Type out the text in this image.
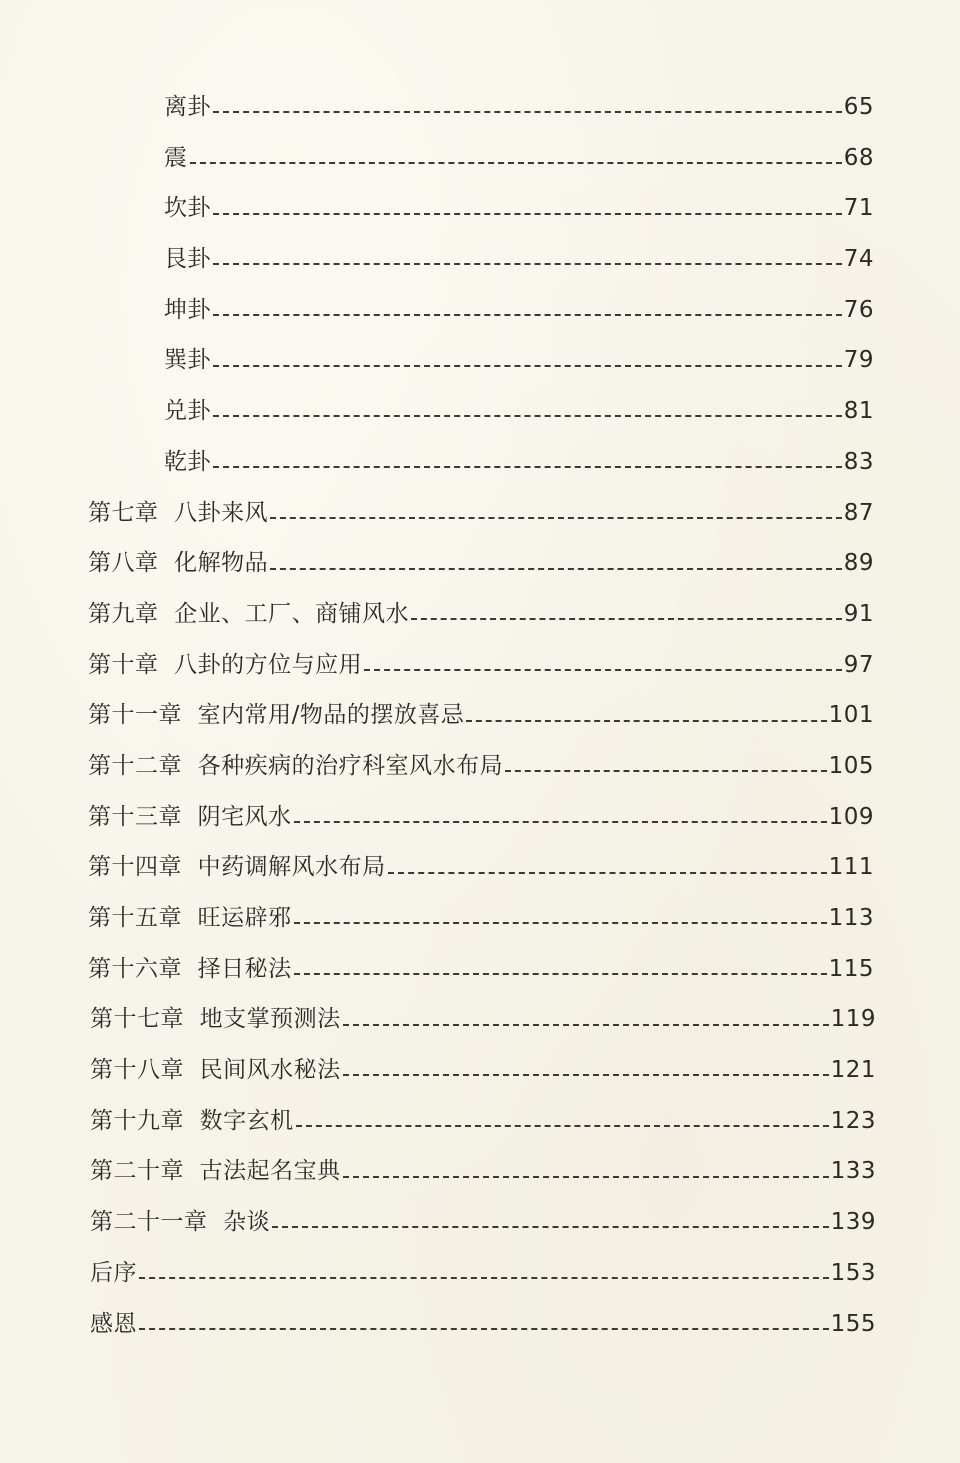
离卦	65
震	68
坎卦	71
艮卦	74
坤卦	76
巽卦	79
兑卦	81
乾卦	83
第七章  八卦来风	87
第八章  化解物品	89
第九章  企业、工厂、商铺风水	91
第十章  八卦的方位与应用	97
第十一章  室内常用/物品的摆放喜忌	101
第十二章  各种疾病的治疗科室风水布局	105
第十三章  阴宅风水	109
第十四章  中药调解风水布局	111
第十五章  旺运辟邪	113
第十六章  择日秘法	115
第十七章  地支掌预测法	119
第十八章  民间风水秘法	121
第十九章  数字玄机	123
第二十章  古法起名宝典	133
第二十一章  杂谈	139
后序	153
感恩	155
